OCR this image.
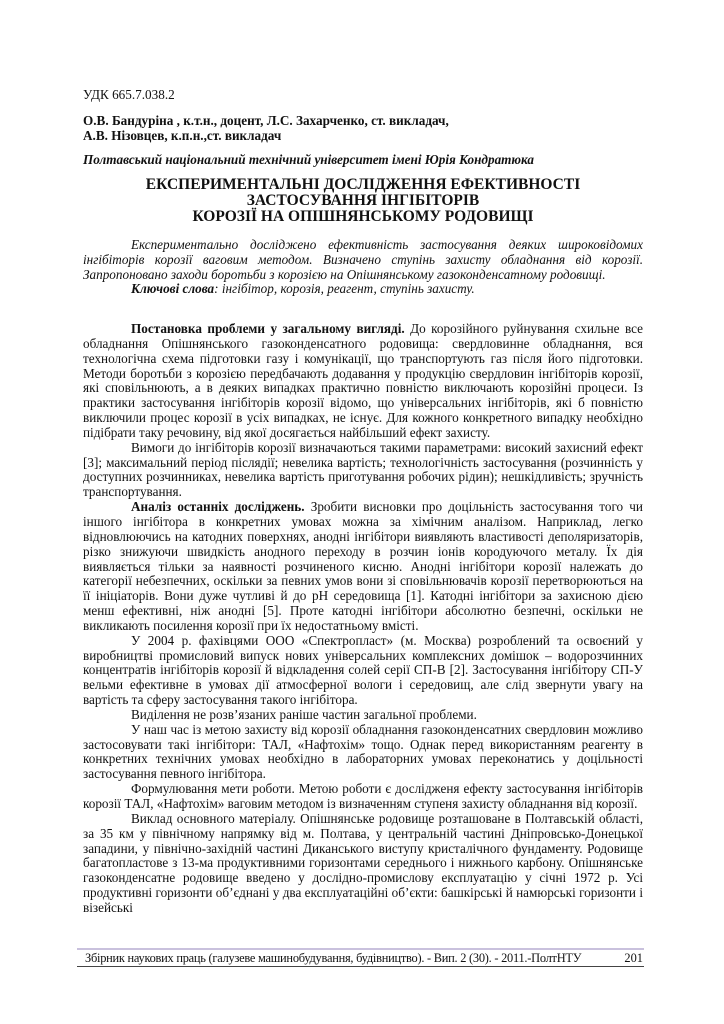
УДК 665.7.038.2
О.В. Бандуріна , к.т.н., доцент, Л.С. Захарченко, ст. викладач,
А.В. Нізовцев, к.п.н.,ст. викладач
Полтавський національний технічний університет імені Юрія Кондратюка
ЕКСПЕРИМЕНТАЛЬНІ ДОСЛІДЖЕННЯ ЕФЕКТИВНОСТІ
ЗАСТОСУВАННЯ ІНГІБІТОРІВ
КОРОЗІЇ НА ОПІШНЯНСЬКОМУ РОДОВИЩІ

Експериментально досліджено ефективність застосування деяких широковідомих інгібіторів корозії ваговим методом. Визначено ступінь захисту обладнання від корозії. Запропоновано заходи боротьби з корозією на Опішнянському газоконденсатному родовищі.

Ключові слова: інгібітор, корозія, реагент, ступінь захисту.

Постановка проблеми у загальному вигляді. До корозійного руйнування схильне все обладнання Опішнянського газоконденсатного родовища: свердловинне обладнання, вся технологічна схема підготовки газу і комунікації, що транспортують газ після його підготовки. Методи боротьби з корозією передбачають додавання у продукцію свердловин інгібіторів корозії, які сповільнюють, а в деяких випадках практично повністю виключають корозійні процеси. Із практики застосування інгібіторів корозії відомо, що універсальних інгібіторів, які б повністю виключили процес корозії в усіх випадках, не існує. Для кожного конкретного випадку необхідно підібрати таку речовину, від якої досягається найбільший ефект захисту.

Вимоги до інгібіторів корозії визначаються такими параметрами: високий захисний ефект [3]; максимальний період післядії; невелика вартість; технологічність застосування (розчинність у доступних розчинниках, невелика вартість приготування робочих рідин); нешкідливість; зручність транспортування.

Аналіз останніх досліджень. Зробити висновки про доцільність застосування того чи іншого інгібітора в конкретних умовах можна за хімічним аналізом. Наприклад, легко відновлюючись на катодних поверхнях, анодні інгібітори виявляють властивості деполяризаторів, різко знижуючи швидкість анодного переходу в розчин іонів кородуючого металу. Їх дія виявляється тільки за наявності розчиненого кисню. Анодні інгібітори корозії належать до категорії небезпечних, оскільки за певних умов вони зі сповільнювачів корозії перетворюються на її ініціаторів. Вони дуже чутливі й до pH середовища [1]. Катодні інгібітори за захисною дією менш ефективні, ніж анодні [5]. Проте катодні інгібітори абсолютно безпечні, оскільки не викликають посилення корозії при їх недостатньому вмісті.

У 2004 р. фахівцями ООО «Спектропласт» (м. Москва) розроблений та освоєний у виробництві промисловий випуск нових універсальних комплексних домішок – водорозчинних концентратів інгібіторів корозії й відкладення солей серії СП-В [2]. Застосування інгібітору СП-У вельми ефективне в умовах дії атмосферної вологи і середовищ, але слід звернути увагу на вартість та сферу застосування такого інгібітора.

Виділення не розв’язаних раніше частин загальної проблеми.

У наш час із метою захисту від корозії обладнання газоконденсатних свердловин можливо застосовувати такі інгібітори: ТАЛ, «Нафтохім» тощо. Однак перед використанням реагенту в конкретних технічних умовах необхідно в лабораторних умовах переконатись у доцільності застосування певного інгібітора.

Формулювання мети роботи. Метою роботи є дослідженя ефекту застосування інгібіторів корозії ТАЛ, «Нафтохім» ваговим методом із визначенням ступеня захисту обладнання від корозії.

Виклад основного матеріалу. Опішнянське родовище розташоване в Полтавській області, за 35 км у північному напрямку від м. Полтава, у центральній частині Дніпровсько-Донецької западини, у північно-західній частині Диканського виступу кристалічного фундаменту. Родовище багатопластове з 13-ма продуктивними горизонтами середнього і нижнього карбону. Опішнянське газоконденсатне родовище введено у дослідно-промислову експлуатацію у січні 1972 р. Усі продуктивні горизонти об’єднані у два експлуатаційні об’єкти: башкірські й намюрські горизонти і візейські

Збірник наукових праць (галузеве машинобудування, будівництво). - Вип. 2 (30). - 2011.-ПолтНТУ	201
